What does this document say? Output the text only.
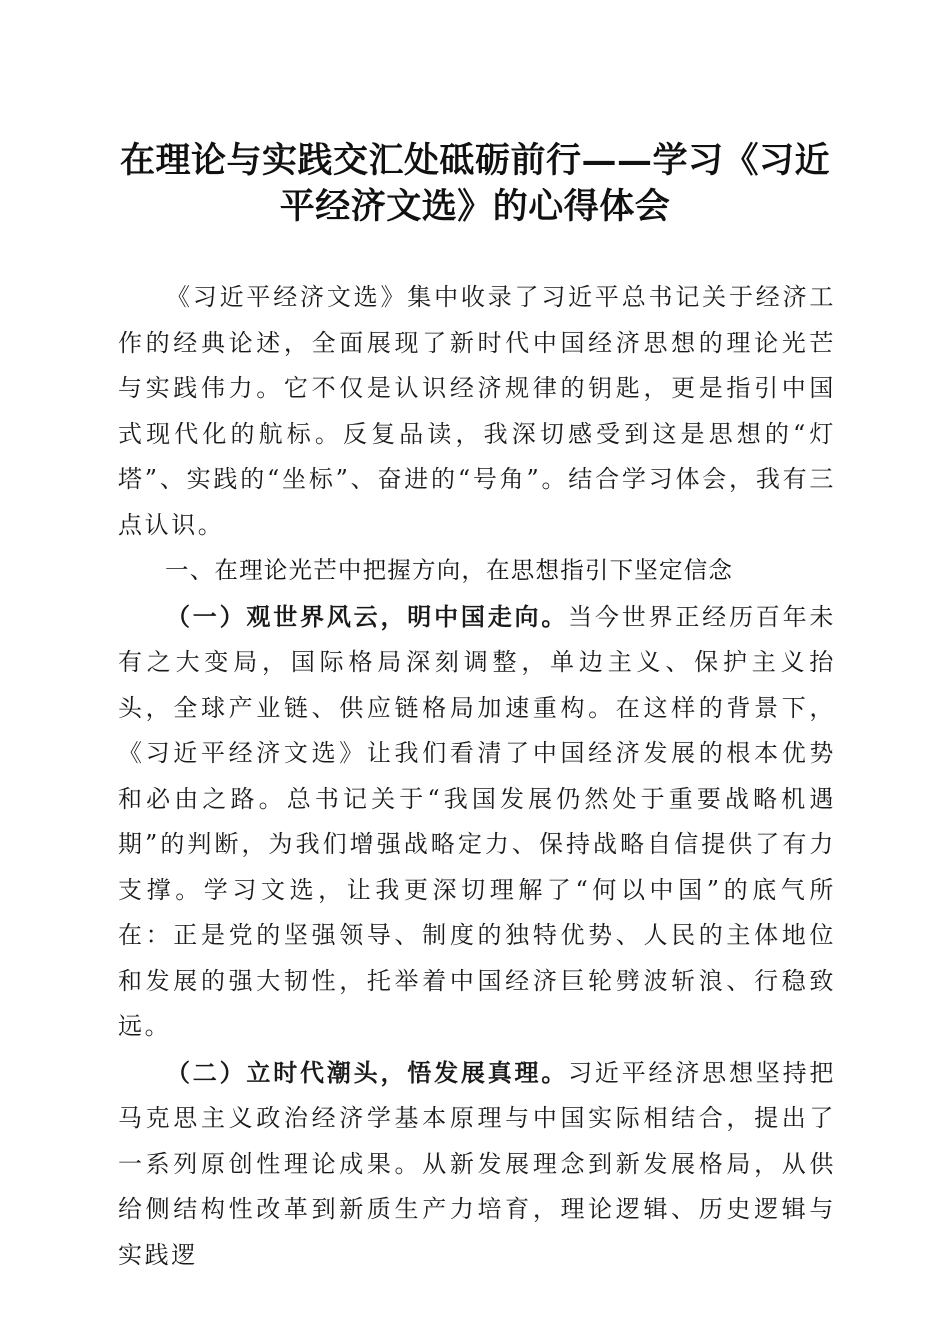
在理论与实践交汇处砥砺前行——学习《习近
平经济文选》的心得体会

《习近平经济文选》集中收录了习近平总书记关于经济工作的经典论述，全面展现了新时代中国经济思想的理论光芒与实践伟力。它不仅是认识经济规律的钥匙，更是指引中国式现代化的航标。反复品读，我深切感受到这是思想的“灯塔”、实践的“坐标”、奋进的“号角”。结合学习体会，我有三点认识。

一、在理论光芒中把握方向，在思想指引下坚定信念

（一）观世界风云，明中国走向。当今世界正经历百年未有之大变局，国际格局深刻调整，单边主义、保护主义抬头，全球产业链、供应链格局加速重构。在这样的背景下，《习近平经济文选》让我们看清了中国经济发展的根本优势和必由之路。总书记关于“我国发展仍然处于重要战略机遇期”的判断，为我们增强战略定力、保持战略自信提供了有力支撑。学习文选，让我更深切理解了“何以中国”的底气所在：正是党的坚强领导、制度的独特优势、人民的主体地位和发展的强大韧性，托举着中国经济巨轮劈波斩浪、行稳致远。

（二）立时代潮头，悟发展真理。习近平经济思想坚持把马克思主义政治经济学基本原理与中国实际相结合，提出了一系列原创性理论成果。从新发展理念到新发展格局，从供给侧结构性改革到新质生产力培育，理论逻辑、历史逻辑与实践逻
